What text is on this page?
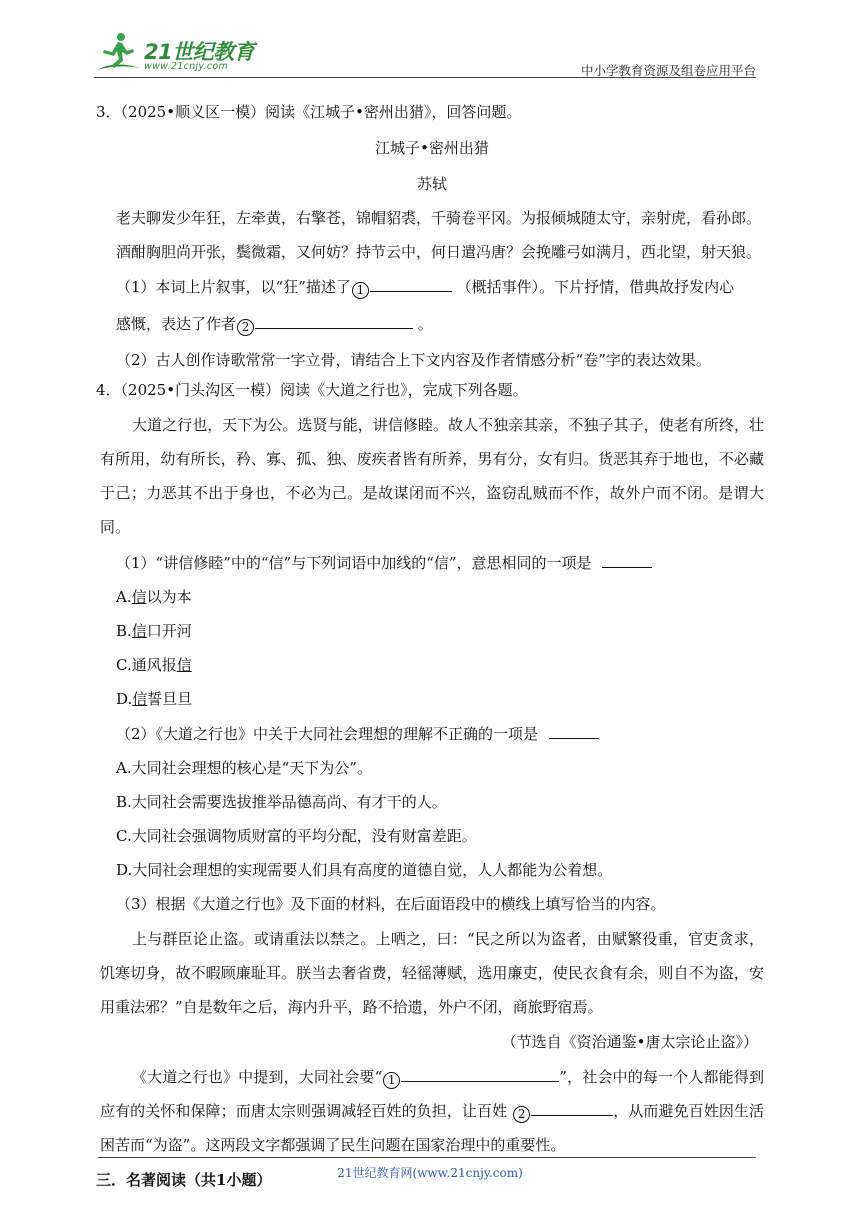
21世纪教育
www.21cnjy.com	中小学教育资源及组卷应用平台

3．（2025•顺义区一模）阅读《江城子•密州出猎》，回答问题。

江城子•密州出猎

苏轼

老夫聊发少年狂，左牵黄，右擎苍，锦帽貂裘，千骑卷平冈。为报倾城随太守，亲射虎，看孙郎。

酒酣胸胆尚开张，鬓微霜，又何妨？持节云中，何日遣冯唐？会挽雕弓如满月，西北望，射天狼。

（1）本词上片叙事，以“狂”描述了 1	（概括事件）。下片抒情，借典故抒发内心

感慨，表达了作者 2	。

（2）古人创作诗歌常常一字立骨，请结合上下文内容及作者情感分析“卷”字的表达效果。

4．（2025•门头沟区一模）阅读《大道之行也》，完成下列各题。

大道之行也，天下为公。选贤与能，讲信修睦。故人不独亲其亲，不独子其子，使老有所终，壮有所用，幼有所长，矜、寡、孤、独、废疾者皆有所养，男有分，女有归。货恶其弃于地也，不必藏于己；力恶其不出于身也，不必为己。是故谋闭而不兴，盗窃乱贼而不作，故外户而不闭。是谓大同。

（1）“讲信修睦”中的“信”与下列词语中加线的“信”，意思相同的一项是

A.信以为本

B.信口开河

C.通风报信

D.信誓旦旦

（2）《大道之行也》中关于大同社会理想的理解不正确的一项是

A.大同社会理想的核心是“天下为公”。

B.大同社会需要选拔推举品德高尚、有才干的人。

C.大同社会强调物质财富的平均分配，没有财富差距。

D.大同社会理想的实现需要人们具有高度的道德自觉，人人都能为公着想。

（3）根据《大道之行也》及下面的材料，在后面语段中的横线上填写恰当的内容。

上与群臣论止盗。或请重法以禁之。上哂之，曰：“民之所以为盗者，由赋繁役重，官吏贪求，饥寒切身，故不暇顾廉耻耳。朕当去奢省费，轻徭薄赋，选用廉吏，使民衣食有余，则自不为盗，安用重法邪？”自是数年之后，海内升平，路不拾遗，外户不闭，商旅野宿焉。

（节选自《资治通鉴•唐太宗论止盗》）

《大道之行也》中提到，大同社会要“ 1	”，社会中的每一个人都能得到应有的关怀和保障；而唐太宗则强调减轻百姓的负担，让百姓 2	，从而避免百姓因生活困苦而“为盗”。这两段文字都强调了民生问题在国家治理中的重要性。

三．名著阅读（共1小题）	21世纪教育网(www.21cnjy.com)
